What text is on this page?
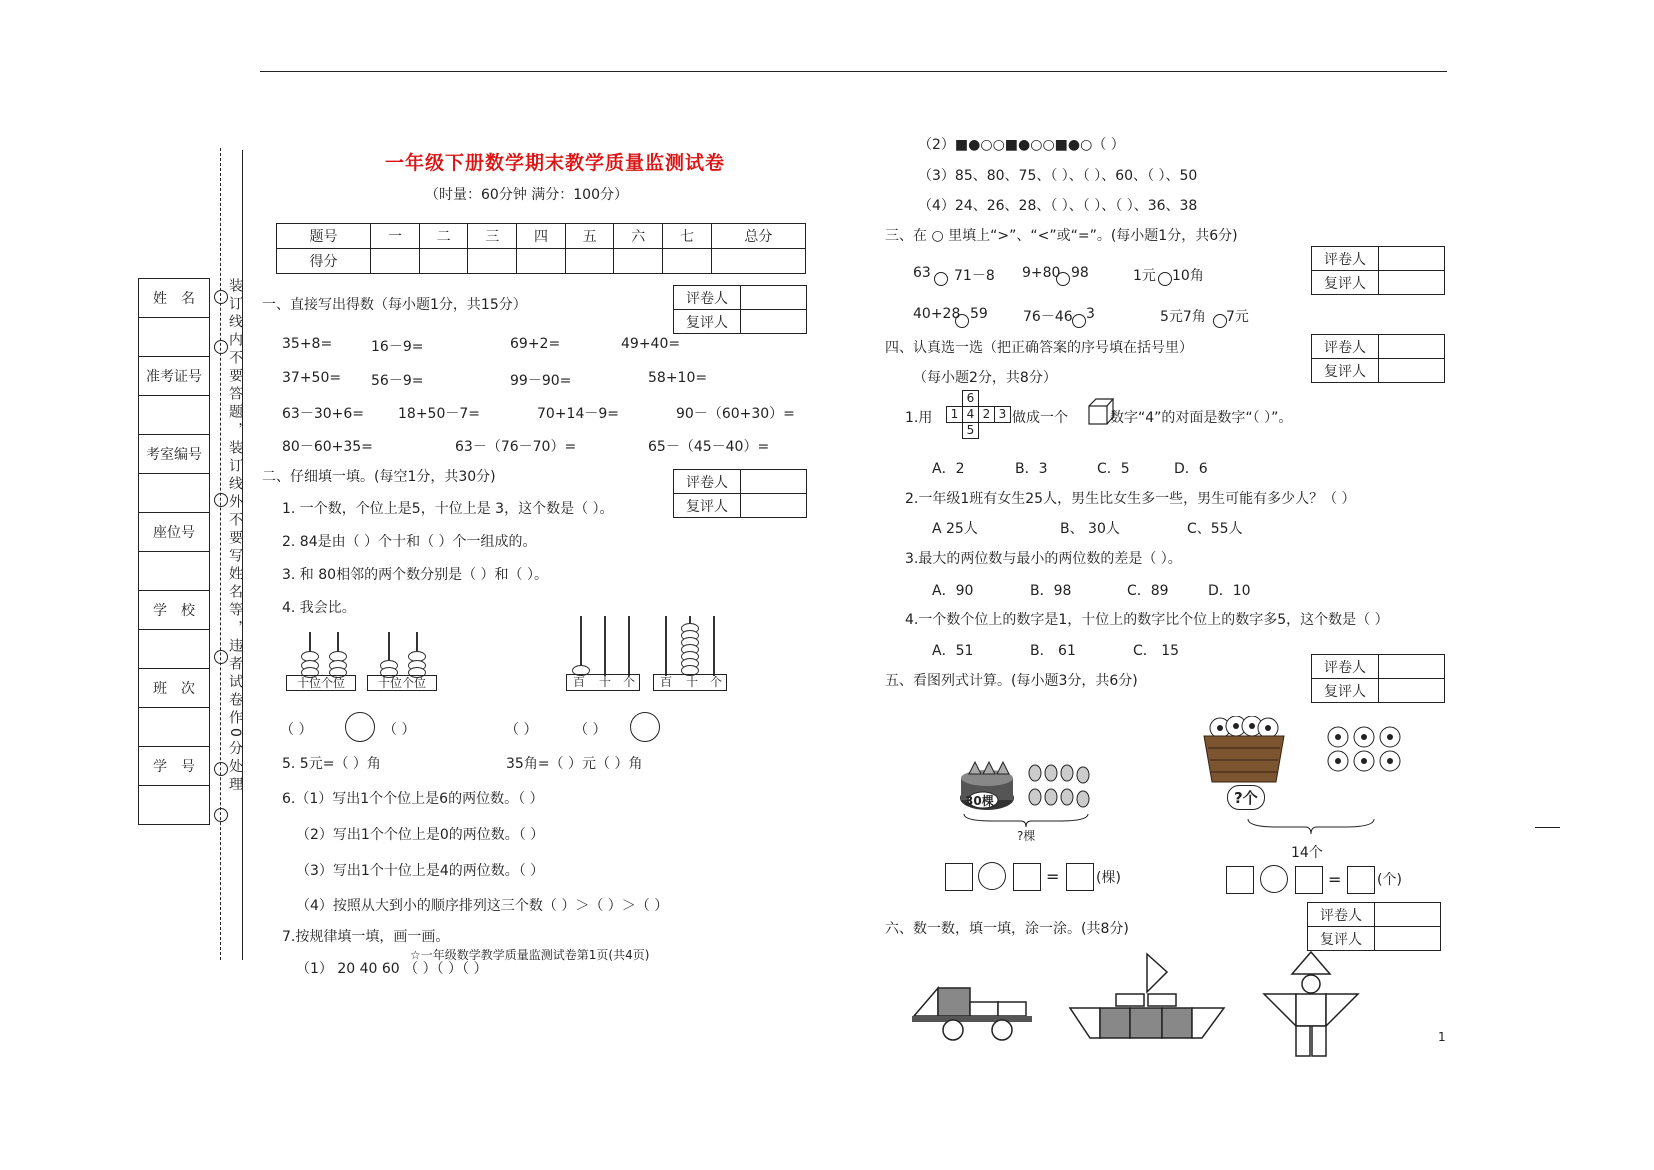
装订线内不要答题，装订线外不要写姓名等，违者试卷作0分处理
姓　名

准考证号

考室编号

座位号

学　校

班　次

学　号

一年级下册数学期末教学质量监测试卷
（时量：60分钟 满分：100分）
题号	一	二	三	四	五	六	七	总分
得分								
评卷人	
复评人	
评卷人	
复评人	
一、直接写出得数（每小题1分，共15分）
35+8=	16－9=	69+2=	49+40=
37+50= 56－9=	99－90=	58+10=
63－30+6= 18+50－7=	70+14－9=	90－（60+30）=
80－60+35=	63－（76－70）=	65－（45－40）=
二、仔细填一填。(每空1分，共30分)
1. 一个数，个位上是5，十位上是 3，这个数是（ ）。
2. 84是由（ ）个十和（ ）个一组成的。
3. 和 80相邻的两个数分别是（ ）和（ ）。
4. 我会比。
十位个位	十位个位	百 十 个 百 十 个
（ ）	（ ）	（ ）	（ ）
5. 5元=（ ）角	35角=（ ）元（ ）角
6.（1）写出1个个位上是6的两位数。（ ）
（2）写出1个个位上是0的两位数。（ ）
（3）写出1个十位上是4的两位数。（ ）
（4）按照从大到小的顺序排列这三个数（ ）＞（ ）＞（ ）
7.按规律填一填，画一画。
（1） 20 40 60 （ ）（ ）（ ）
☆一年级数学教学质量监测试卷第1页(共4页)
1
（2）■●○○■●○○■●○（ ）
（3）85、80、75、（ ）、（ ）、60、（ ）、50
（4）24、26、28、（ ）、（ ）、（ ）、36、38
三、在 ○ 里填上“>”、“<”或“=”。(每小题1分，共6分)
评卷人	
复评人	
63 71－8 9+80 98	1元 10角
40+28 59	76－46 3	5元7角 7元
四、认真选一选（把正确答案的序号填在括号里）	评卷人	
复评人	
（每小题2分，共8分）
1.用
6
1 4 2 3
5
做成一个	数字“4”的对面是数字“（ ）”。
A．2	B．3	C．5	D．6
2.一年级1班有女生25人，男生比女生多一些，男生可能有多少人？（ ）
A 25人	B、 30人	C、55人
3.最大的两位数与最小的两位数的差是（ ）。
A．90	B．98	C．89	D．10
4.一个数个位上的数字是1，十位上的数字比个位上的数字多5，这个数是（ ）
A．51	B． 61	C． 15
五、看图列式计算。(每小题3分，共6分)
评卷人	
复评人	
30棵
?棵
=	(棵)
?个
14个
=	(个)
六、数一数，填一填，涂一涂。(共8分)
评卷人	
复评人	
